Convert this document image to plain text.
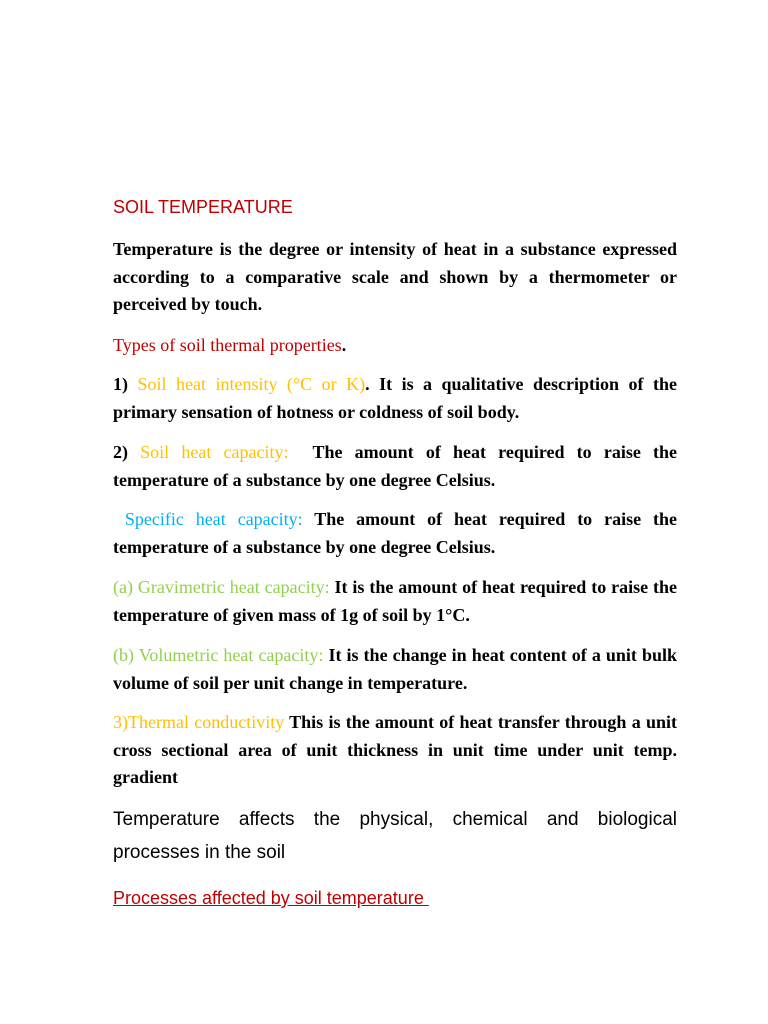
SOIL TEMPERATURE
Temperature is the degree or intensity of heat in a substance expressed according to a comparative scale and shown by a thermometer or perceived by touch.
Types of soil thermal properties.
1) Soil heat intensity (°C or K). It is a qualitative description of the primary sensation of hotness or coldness of soil body.
2) Soil heat capacity:  The amount of heat required to raise the temperature of a substance by one degree Celsius.
Specific heat capacity: The amount of heat required to raise the temperature of a substance by one degree Celsius.
(a) Gravimetric heat capacity: It is the amount of heat required to raise the temperature of given mass of 1g of soil by 1°C.
(b) Volumetric heat capacity: It is the change in heat content of a unit bulk volume of soil per unit change in temperature.
3)Thermal conductivity This is the amount of heat transfer through a unit cross sectional area of unit thickness in unit time under unit temp. gradient
Temperature affects the physical, chemical and biological processes in the soil
Processes affected by soil temperature
